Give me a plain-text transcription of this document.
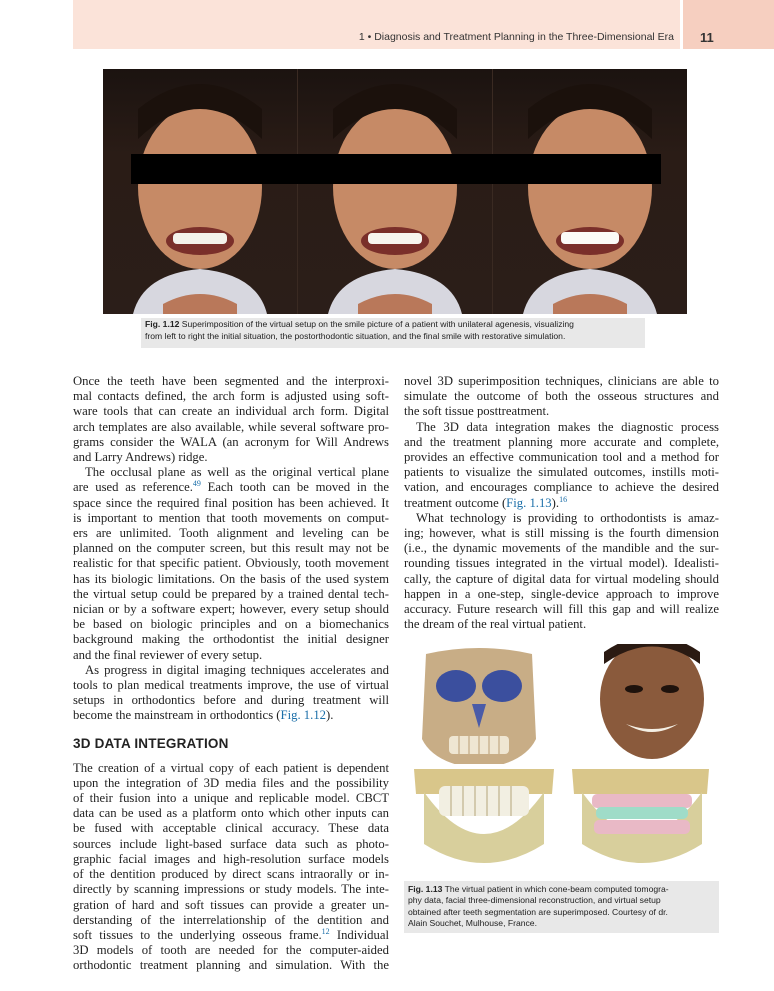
1 • Diagnosis and Treatment Planning in the Three-Dimensional Era 11
Fig. 1.12 Superimposition of the virtual setup on the smile picture of a patient with unilateral agenesis, visualizing
from left to right the initial situation, the postorthodontic situation, and the final smile with restorative simulation.
Once the teeth have been segmented and the interproxi-
mal contacts defined, the arch form is adjusted using soft-
ware tools that can create an individual arch form. Digital
arch templates are also available, while several software pro-
grams consider the WALA (an acronym for Will Andrews
and Larry Andrews) ridge.
The occlusal plane as well as the original vertical plane
are used as reference.$^{49}$ Each tooth can be moved in the
space since the required final position has been achieved. It
is important to mention that tooth movements on comput-
ers are unlimited. Tooth alignment and leveling can be
planned on the computer screen, but this result may not be
realistic for that specific patient. Obviously, tooth movement
has its biologic limitations. On the basis of the used system
the virtual setup could be prepared by a trained dental tech-
nician or by a software expert; however, every setup should
be based on biologic principles and on a biomechanics
background making the orthodontist the initial designer
and the final reviewer of every setup.
As progress in digital imaging techniques accelerates and
tools to plan medical treatments improve, the use of virtual
setups in orthodontics before and during treatment will
become the mainstream in orthodontics (Fig. 1.12).
3D DATA INTEGRATION
The creation of a virtual copy of each patient is dependent
upon the integration of 3D media files and the possibility
of their fusion into a unique and replicable model. CBCT
data can be used as a platform onto which other inputs can
be fused with acceptable clinical accuracy. These data
sources include light-based surface data such as photo-
graphic facial images and high-resolution surface models
of the dentition produced by direct scans intraorally or in-
directly by scanning impressions or study models. The inte-
gration of hard and soft tissues can provide a greater un-
derstanding of the interrelationship of the dentition and
soft tissues to the underlying osseous frame.$^{12}$ Individual
3D models of tooth are needed for the computer-aided
orthodontic treatment planning and simulation. With the
novel 3D superimposition techniques, clinicians are able to
simulate the outcome of both the osseous structures and
the soft tissue posttreatment.
The 3D data integration makes the diagnostic process
and the treatment planning more accurate and complete,
provides an effective communication tool and a method for
patients to visualize the simulated outcomes, instills moti-
vation, and encourages compliance to achieve the desired
treatment outcome (Fig. 1.13).$^{16}$
What technology is providing to orthodontists is amaz-
ing; however, what is still missing is the fourth dimension
(i.e., the dynamic movements of the mandible and the sur-
rounding tissues integrated in the virtual model). Idealisti-
cally, the capture of digital data for virtual modeling should
happen in a one-step, single-device approach to improve
accuracy. Future research will fill this gap and will realize
the dream of the real virtual patient.
Fig. 1.13 The virtual patient in which cone-beam computed tomogra-
phy data, facial three-dimensional reconstruction, and virtual setup
obtained after teeth segmentation are superimposed. Courtesy of dr.
Alain Souchet, Mulhouse, France.
